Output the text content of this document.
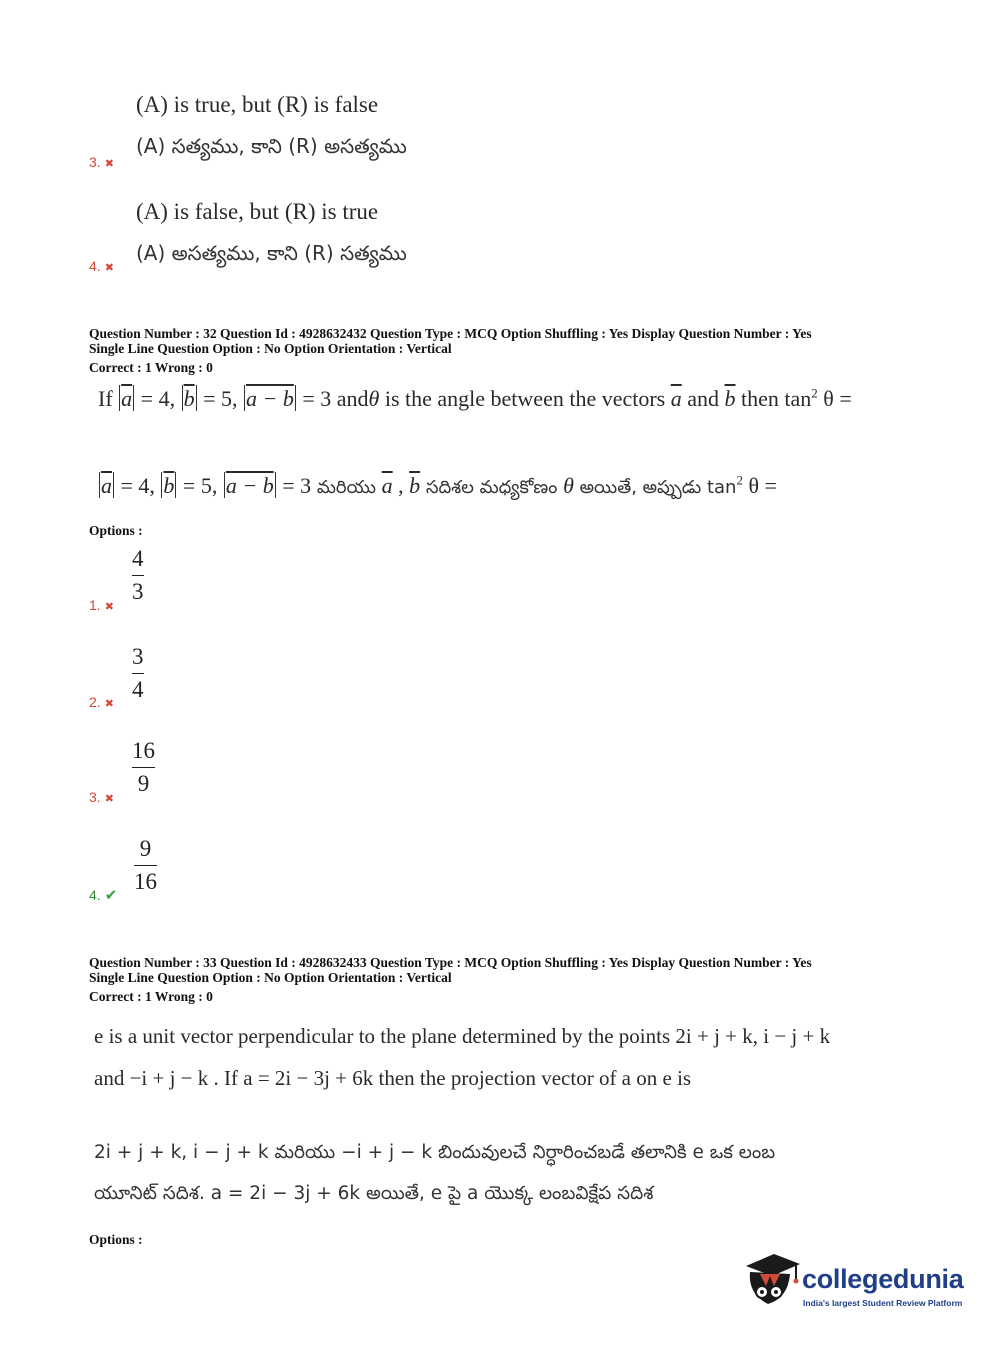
(A) is true, but (R) is false
(A) సత్యము, కాని (R) అసత్యము
3. ✖
(A) is false, but (R) is true
(A) అసత్యము, కాని (R) సత్యము
4. ✖
Question Number : 32 Question Id : 4928632432 Question Type : MCQ Option Shuffling : Yes Display Question Number : Yes
Single Line Question Option : No Option Orientation : Vertical
Correct : 1 Wrong : 0
If $\overline{a} = 4$, $\overline{b} = 5$, a − b = 3 andθ is the angle between the vectors $\overline{a}$ and $\overline{b}$ then $\tan^2 \theta$ =
$\overline{a} = 4$, $\overline{b} = 5$, a − b = 3 మరియు $\overline{a}$ , $\overline{b}$ సదిశల మధ్యకోణం θ అయితే, అప్పుడు $\tan^2 \theta$ =
Options :
4
3
1. ✖
3
4
2. ✖
16
9
3. ✖
9
16
4. ✔
Question Number : 33 Question Id : 4928632433 Question Type : MCQ Option Shuffling : Yes Display Question Number : Yes
Single Line Question Option : No Option Orientation : Vertical
Correct : 1 Wrong : 0
e is a unit vector perpendicular to the plane determined by the points 2i + j + k, i − j + k
and −i + j − k . If a = 2i − 3j + 6k then the projection vector of a on e is
2i + j + k, i − j + k మరియు −i + j − k బిందువులచే నిర్ధారించబడే తలానికి e ఒక లంబ
యూనిట్ సదిశ. a = 2i − 3j + 6k అయితే, e పై a యొక్క లంబవిక్షేప సదిశ
Options :
collegedunia
India's largest Student Review Platform
